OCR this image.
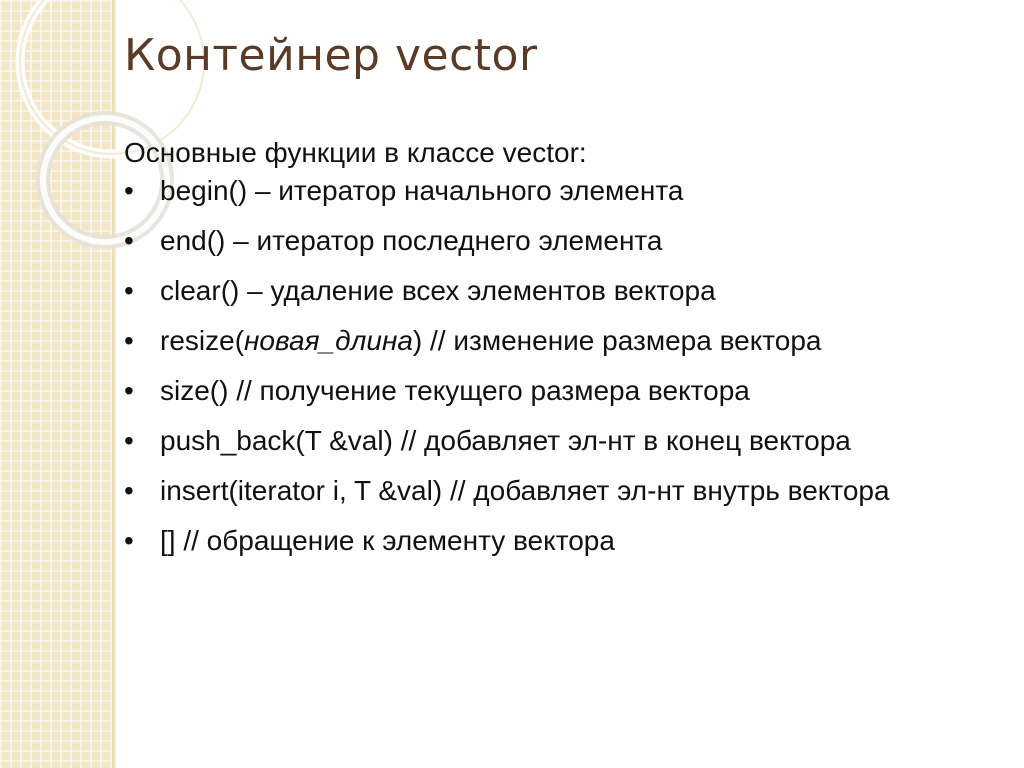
Контейнер vector

Основные функции в классе vector:

• begin() – итератор начального элемента
• end() – итератор последнего элемента
• clear() – удаление всех элементов вектора
• resize(новая_длина) // изменение размера вектора
• size() // получение текущего размера вектора
• push_back(T &val) // добавляет эл-нт в конец вектора
• insert(iterator i, T &val) // добавляет эл-нт внутрь вектора
• [] // обращение к элементу вектора
